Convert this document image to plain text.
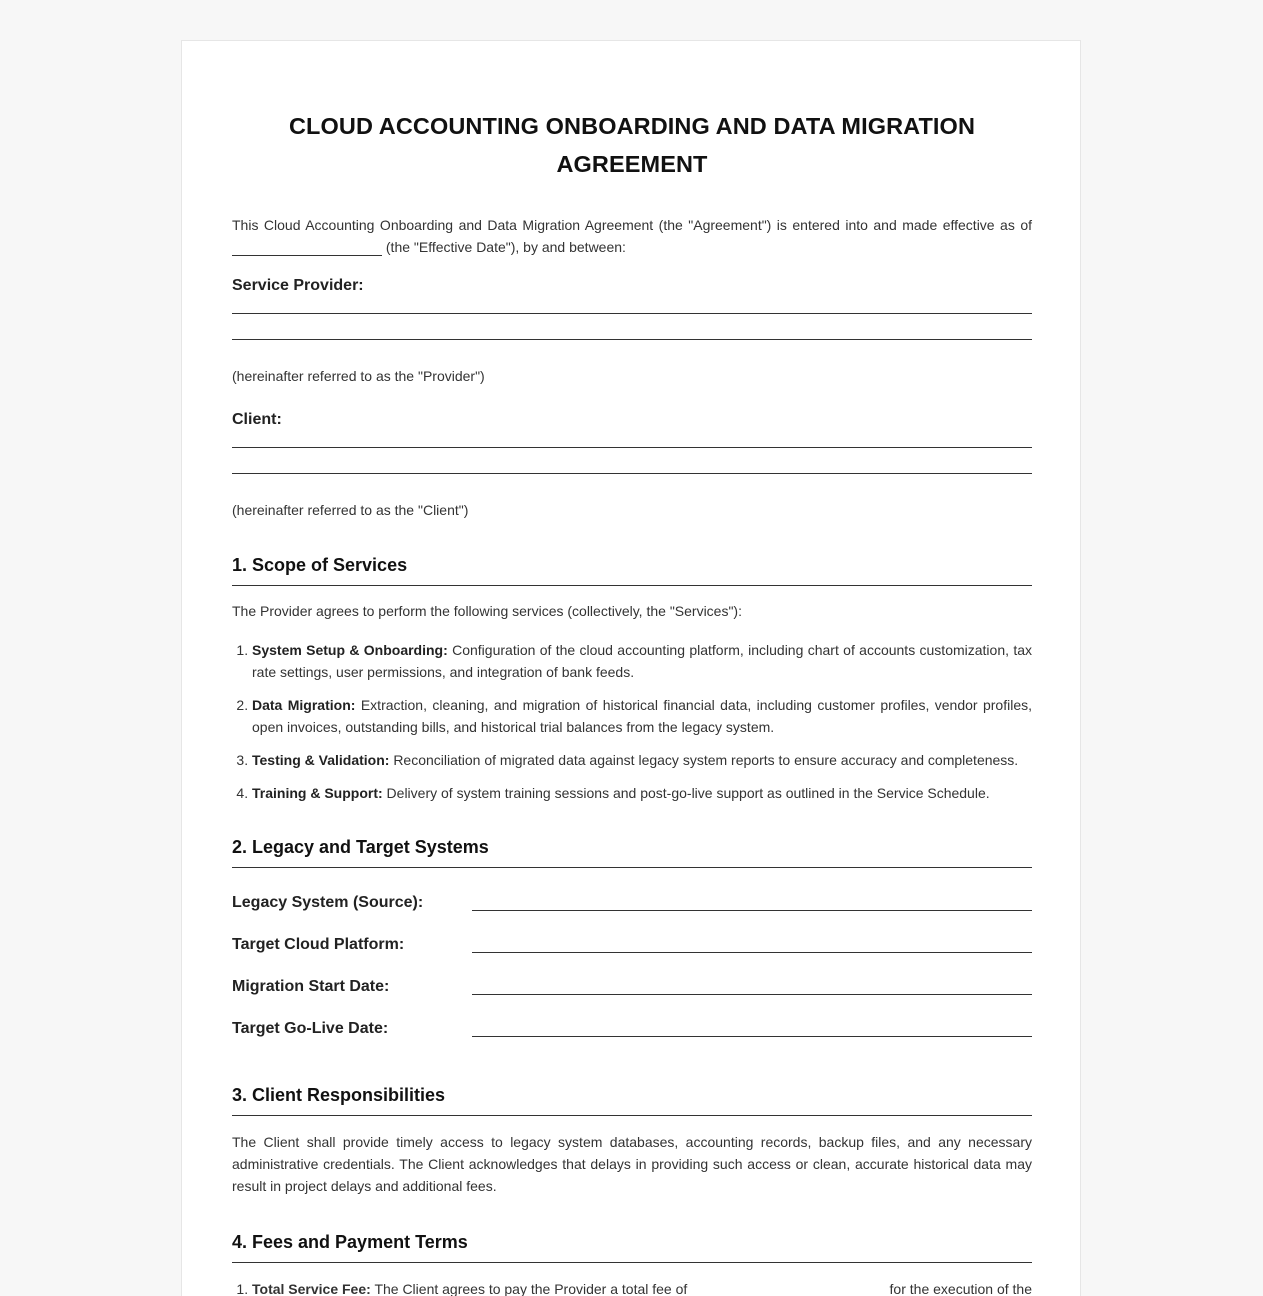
CLOUD ACCOUNTING ONBOARDING AND DATA MIGRATION AGREEMENT
This Cloud Accounting Onboarding and Data Migration Agreement (the "Agreement") is entered into and made effective as of  (the "Effective Date"), by and between:
Service Provider:
(hereinafter referred to as the "Provider")
Client:
(hereinafter referred to as the "Client")
1. Scope of Services
The Provider agrees to perform the following services (collectively, the "Services"):
1. System Setup & Onboarding: Configuration of the cloud accounting platform, including chart of accounts customization, tax rate settings, user permissions, and integration of bank feeds.
2. Data Migration: Extraction, cleaning, and migration of historical financial data, including customer profiles, vendor profiles, open invoices, outstanding bills, and historical trial balances from the legacy system.
3. Testing & Validation: Reconciliation of migrated data against legacy system reports to ensure accuracy and completeness.
4. Training & Support: Delivery of system training sessions and post-go-live support as outlined in the Service Schedule.
2. Legacy and Target Systems
Legacy System (Source):
Target Cloud Platform:
Migration Start Date:
Target Go-Live Date:
3. Client Responsibilities
The Client shall provide timely access to legacy system databases, accounting records, backup files, and any necessary administrative credentials. The Client acknowledges that delays in providing such access or clean, accurate historical data may result in project delays and additional fees.
4. Fees and Payment Terms
1. Total Service Fee: The Client agrees to pay the Provider a total fee of	for the execution of the
